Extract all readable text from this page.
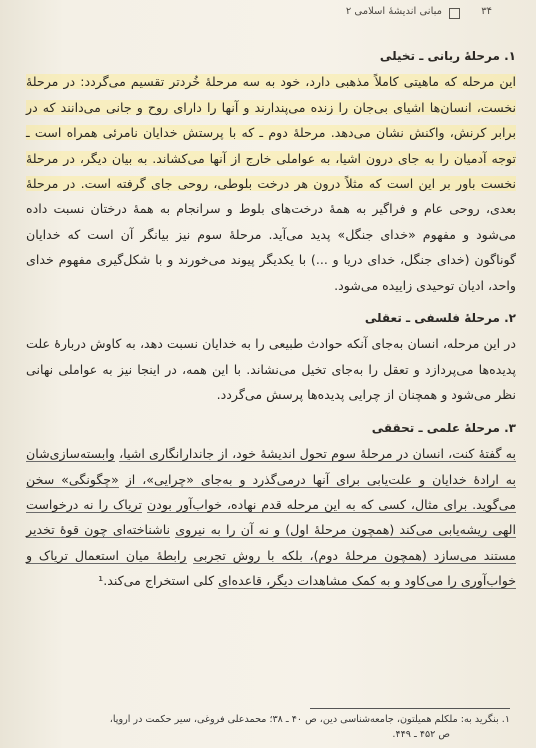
۳۴
مبانی اندیشهٔ اسلامی ۲
۱. مرحلهٔ ربانی ـ تخیلی

این مرحله که ماهیتی کاملاً مذهبی دارد، خود به سه مرحلهٔ خُردتر تقسیم می‌گردد: در مرحلهٔ نخست، انسان‌ها اشیای بی‌جان را زنده می‌پندارند و آنها را دارای روح و جانی می‌دانند که در برابر کرنش، واکنش نشان می‌دهد. مرحلهٔ دوم ـ که با پرستش خدایان نامرئی همراه است ـ توجه آدمیان را به جای درون اشیا، به عواملی خارج از آنها می‌کشاند. به بیان دیگر، در مرحلهٔ نخست باور بر این است که مثلاً درون هر درخت بلوطی، روحی جای گرفته است. در مرحلهٔ بعدی، روحی عام و فراگیر به همهٔ درخت‌های بلوط و سرانجام به همهٔ درختان نسبت داده می‌شود و مفهوم «خدای جنگل» پدید می‌آید. مرحلهٔ سوم نیز بیانگر آن است که خدایان گوناگون (خدای جنگل، خدای دریا و ...) با یکدیگر پیوند می‌خورند و با شکل‌گیری مفهوم خدای واحد، ادیان توحیدی زاییده می‌شود.

۲. مرحلهٔ فلسفی ـ تعقلی

در این مرحله، انسان به‌جای آنکه حوادث طبیعی را به خدایان نسبت دهد، به کاوش دربارهٔ علت پدیده‌ها می‌پردازد و تعقل را به‌جای تخیل می‌نشاند. با این همه، در اینجا نیز به عواملی نهانی نظر می‌شود و همچنان از چرایی پدیده‌ها پرسش می‌گردد.

۳. مرحلهٔ علمی ـ تحققی

به گفتهٔ کنت، انسان در مرحلهٔ سوم تحول اندیشهٔ خود، از جاندارانگاری اشیا، وابسته‌سازی‌شان به ارادهٔ خدایان و علت‌یابی برای آنها درمی‌گذرد و به‌جای «چرایی»، از «چگونگی» سخن می‌گوید. برای مثال، کسی که به این مرحله قدم نهاده، خواب‌آور بودن تریاک را نه درخواست الهی ریشه‌یابی می‌کند (همچون مرحلهٔ اول) و نه آن را به نیروی ناشناخته‌ای چون قوهٔ تخدیر مستند می‌سازد (همچون مرحلهٔ دوم)، بلکه با روش تجربی رابطهٔ میان استعمال تریاک و خواب‌آوری را می‌کاود و به کمک مشاهدات دیگر، قاعده‌ای کلی استخراج می‌کند.¹

۱. بنگرید به: ملکلم همیلتون، جامعه‌شناسی دین، ص ۴۰ ـ ۳۸؛ محمدعلی فروغی، سیر حکمت در اروپا،
ص ۴۵۲ ـ ۴۴۹.
